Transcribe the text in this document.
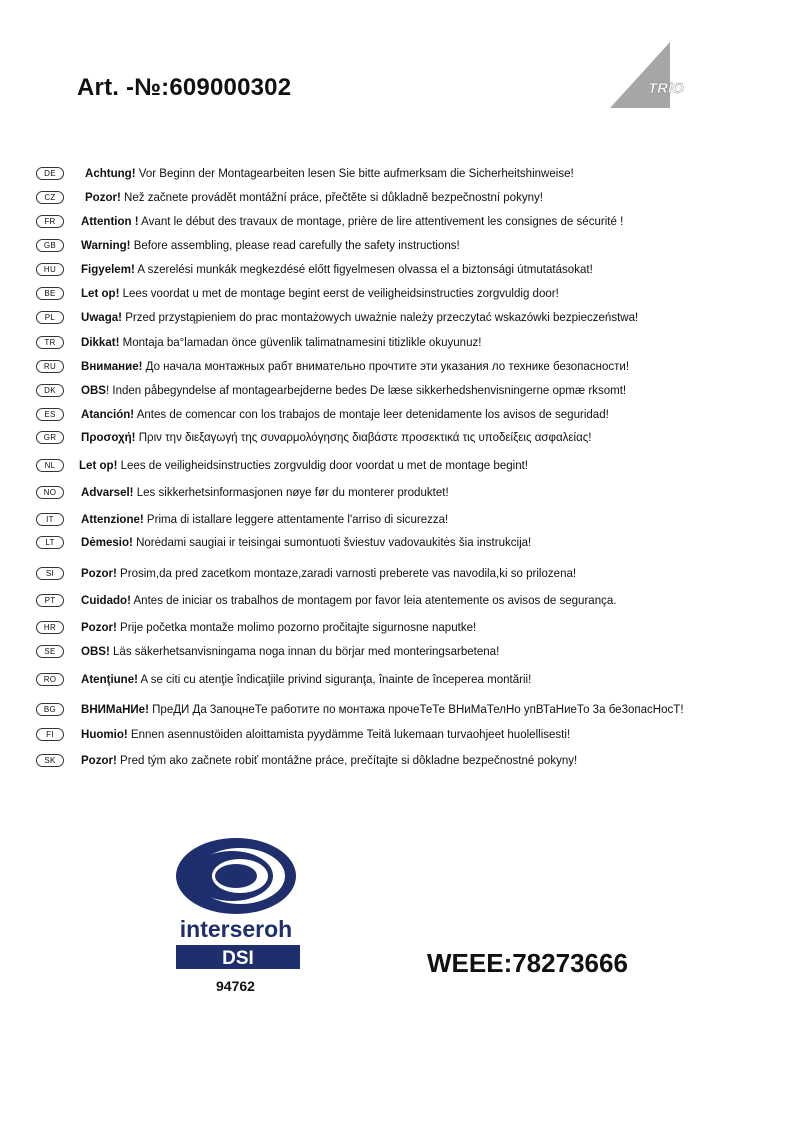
Art. -№:609000302	TRIO
DE	Achtung! Vor Beginn der Montagearbeiten lesen Sie bitte aufmerksam die Sicherheitshinweise!
CZ	Pozor! Než začnete provádět montážní práce, přečtěte si důkladně bezpečnostní pokyny!
FR	Attention ! Avant le début des travaux de montage, prière de lire attentivement les consignes de sécurité !
GB	Warning! Before assembling, please read carefully the safety instructions!
HU	Figyelem! A szerelési munkák megkezdésé előtt figyelmesen olvassa el a biztonsági útmutatásokat!
BE	Let op! Lees voordat u met de montage begint eerst de veiligheidsinstructies zorgvuldig door!
PL	Uwaga! Przed przystąpieniem do prac montażowych uważnie należy przeczytać wskazówki bezpieczeństwa!
TR	Dikkat! Montaja ba°lamadan önce güvenlik talimatnamesini titizlikle okuyunuz!
RU	Внимание! До начала монтажных рабт внимательно прочтите эти указания ло технике безопасности!
DK	OBS! Inden påbegyndelse af montagearbejderne bedes De læse sikkerhedshenvisningerne opmæ rksomt!
ES	Atanción! Antes de comencar con los trabajos de montaje leer detenidamente los avisos de seguridad!
GR	Προσοχή! Πριν την διεξαγωγή της συναρμολόγησης διαβάστε προσεκτικά τις υποδείξεις ασφαλείας!
NL	Let op! Lees de veiligheidsinstructies zorgvuldig door voordat u met de montage begint!
NO	Advarsel! Les sikkerhetsinformasjonen nøye før du monterer produktet!
IT	Attenzione! Prima di istallare leggere attentamente l'arriso di sicurezza!
LT	Dėmesio! Norėdami saugiai ir teisingai sumontuoti šviestuv vadovaukitės šia instrukcija!
SI	Pozor! Prosim,da pred zacetkom montaze,zaradi varnosti preberete vas navodila,ki so prilozena!
PT	Cuidado! Antes de iniciar os trabalhos de montagem por favor leia atentemente os avisos de segurança.
HR	Pozor! Prije početka montaže molimo pozorno pročitajte sigurnosne naputke!
SE	OBS! Läs säkerhetsanvisningama noga innan du börjar med monteringsarbetena!
RO	Atenţiune! A se citi cu atenţie îndicaţiile privind siguranţa, înainte de începerea montării!
BG	ВНИМаНИе! ПреДИ Да 3апоцнеТе работите по монтажа прочеТеТе ВНиМаТелНо упВТаНиеТо 3а бе3опасНосТ!
FI	Huomio! Ennen asennustöiden aloittamista pyydämme Teitä lukemaan turvaohjeet huolellisesti!
SK	Pozor! Pred tým ako začnete robiť montážne práce, prečítajte si dôkladne bezpečnostné pokyny!
interseroh
DSI
94762
WEEE:78273666
